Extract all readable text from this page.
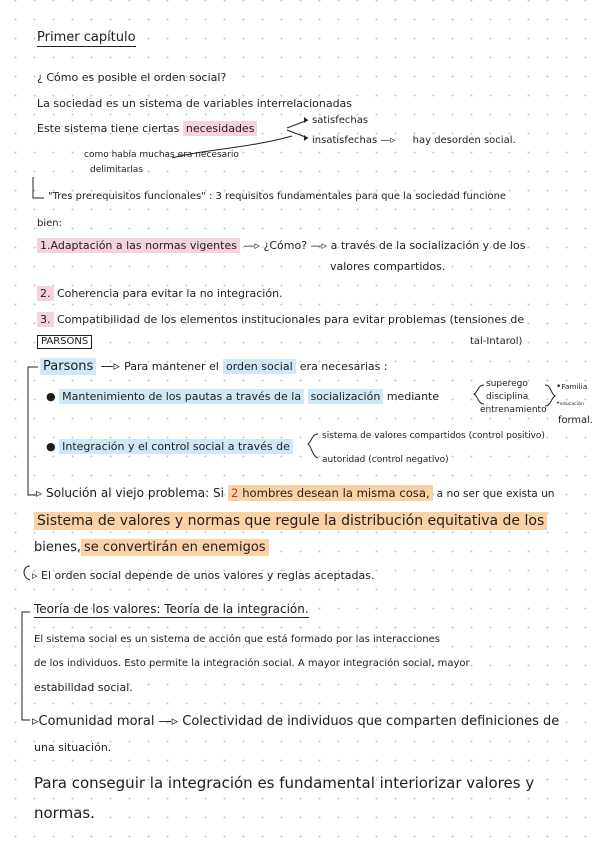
Primer capítulo
¿ Cómo es posible el orden social?
La sociedad es un sistema de variables interrelacionadas
Este sistema tiene ciertas necesidades
satisfechas
insatisfechas —▹ hay desorden social.
como había muchas era necesario
delimitarlas
"Tres prerequisitos funcionales" : 3 requisitos fundamentales para que la sociedad funcione
bien:
1.Adaptación a las normas vigentes —▹ ¿Cómo? —▹ a través de la socialización y de los
valores compartidos.
2. Coherencia para evitar la no integración.
3. Compatibilidad de los elementos institucionales para evitar problemas (tensiones de
tal-Intarol)
PARSONS
Parsons —▹ Para mantener el orden social era necesarias :
● Mantenimiento de los pautas a través de la socialización mediante
superego
disciplina
entrenamiento
•Familia
•educación
formal.
● Integración y el control social a través de
sistema de valores compartidos (control positivo)
autoridad (control negativo)
▹ Solución al viejo problema: Si 2 hombres desean la misma cosa, a no ser que exista un
Sistema de valores y normas que regule la distribución equitativa de los
bienes, se convertirán en enemigos
▹ El orden social depende de unos valores y reglas aceptadas.
Teoría de los valores: Teoría de la integración.
El sistema social es un sistema de acción que está formado por las interacciones
de los individuos. Esto permite la integración social. A mayor integración social, mayor
estabilidad social.
▹Comunidad moral —▹ Colectividad de individuos que comparten definiciones de
una situación.
Para conseguir la integración es fundamental interiorizar valores y
normas.
